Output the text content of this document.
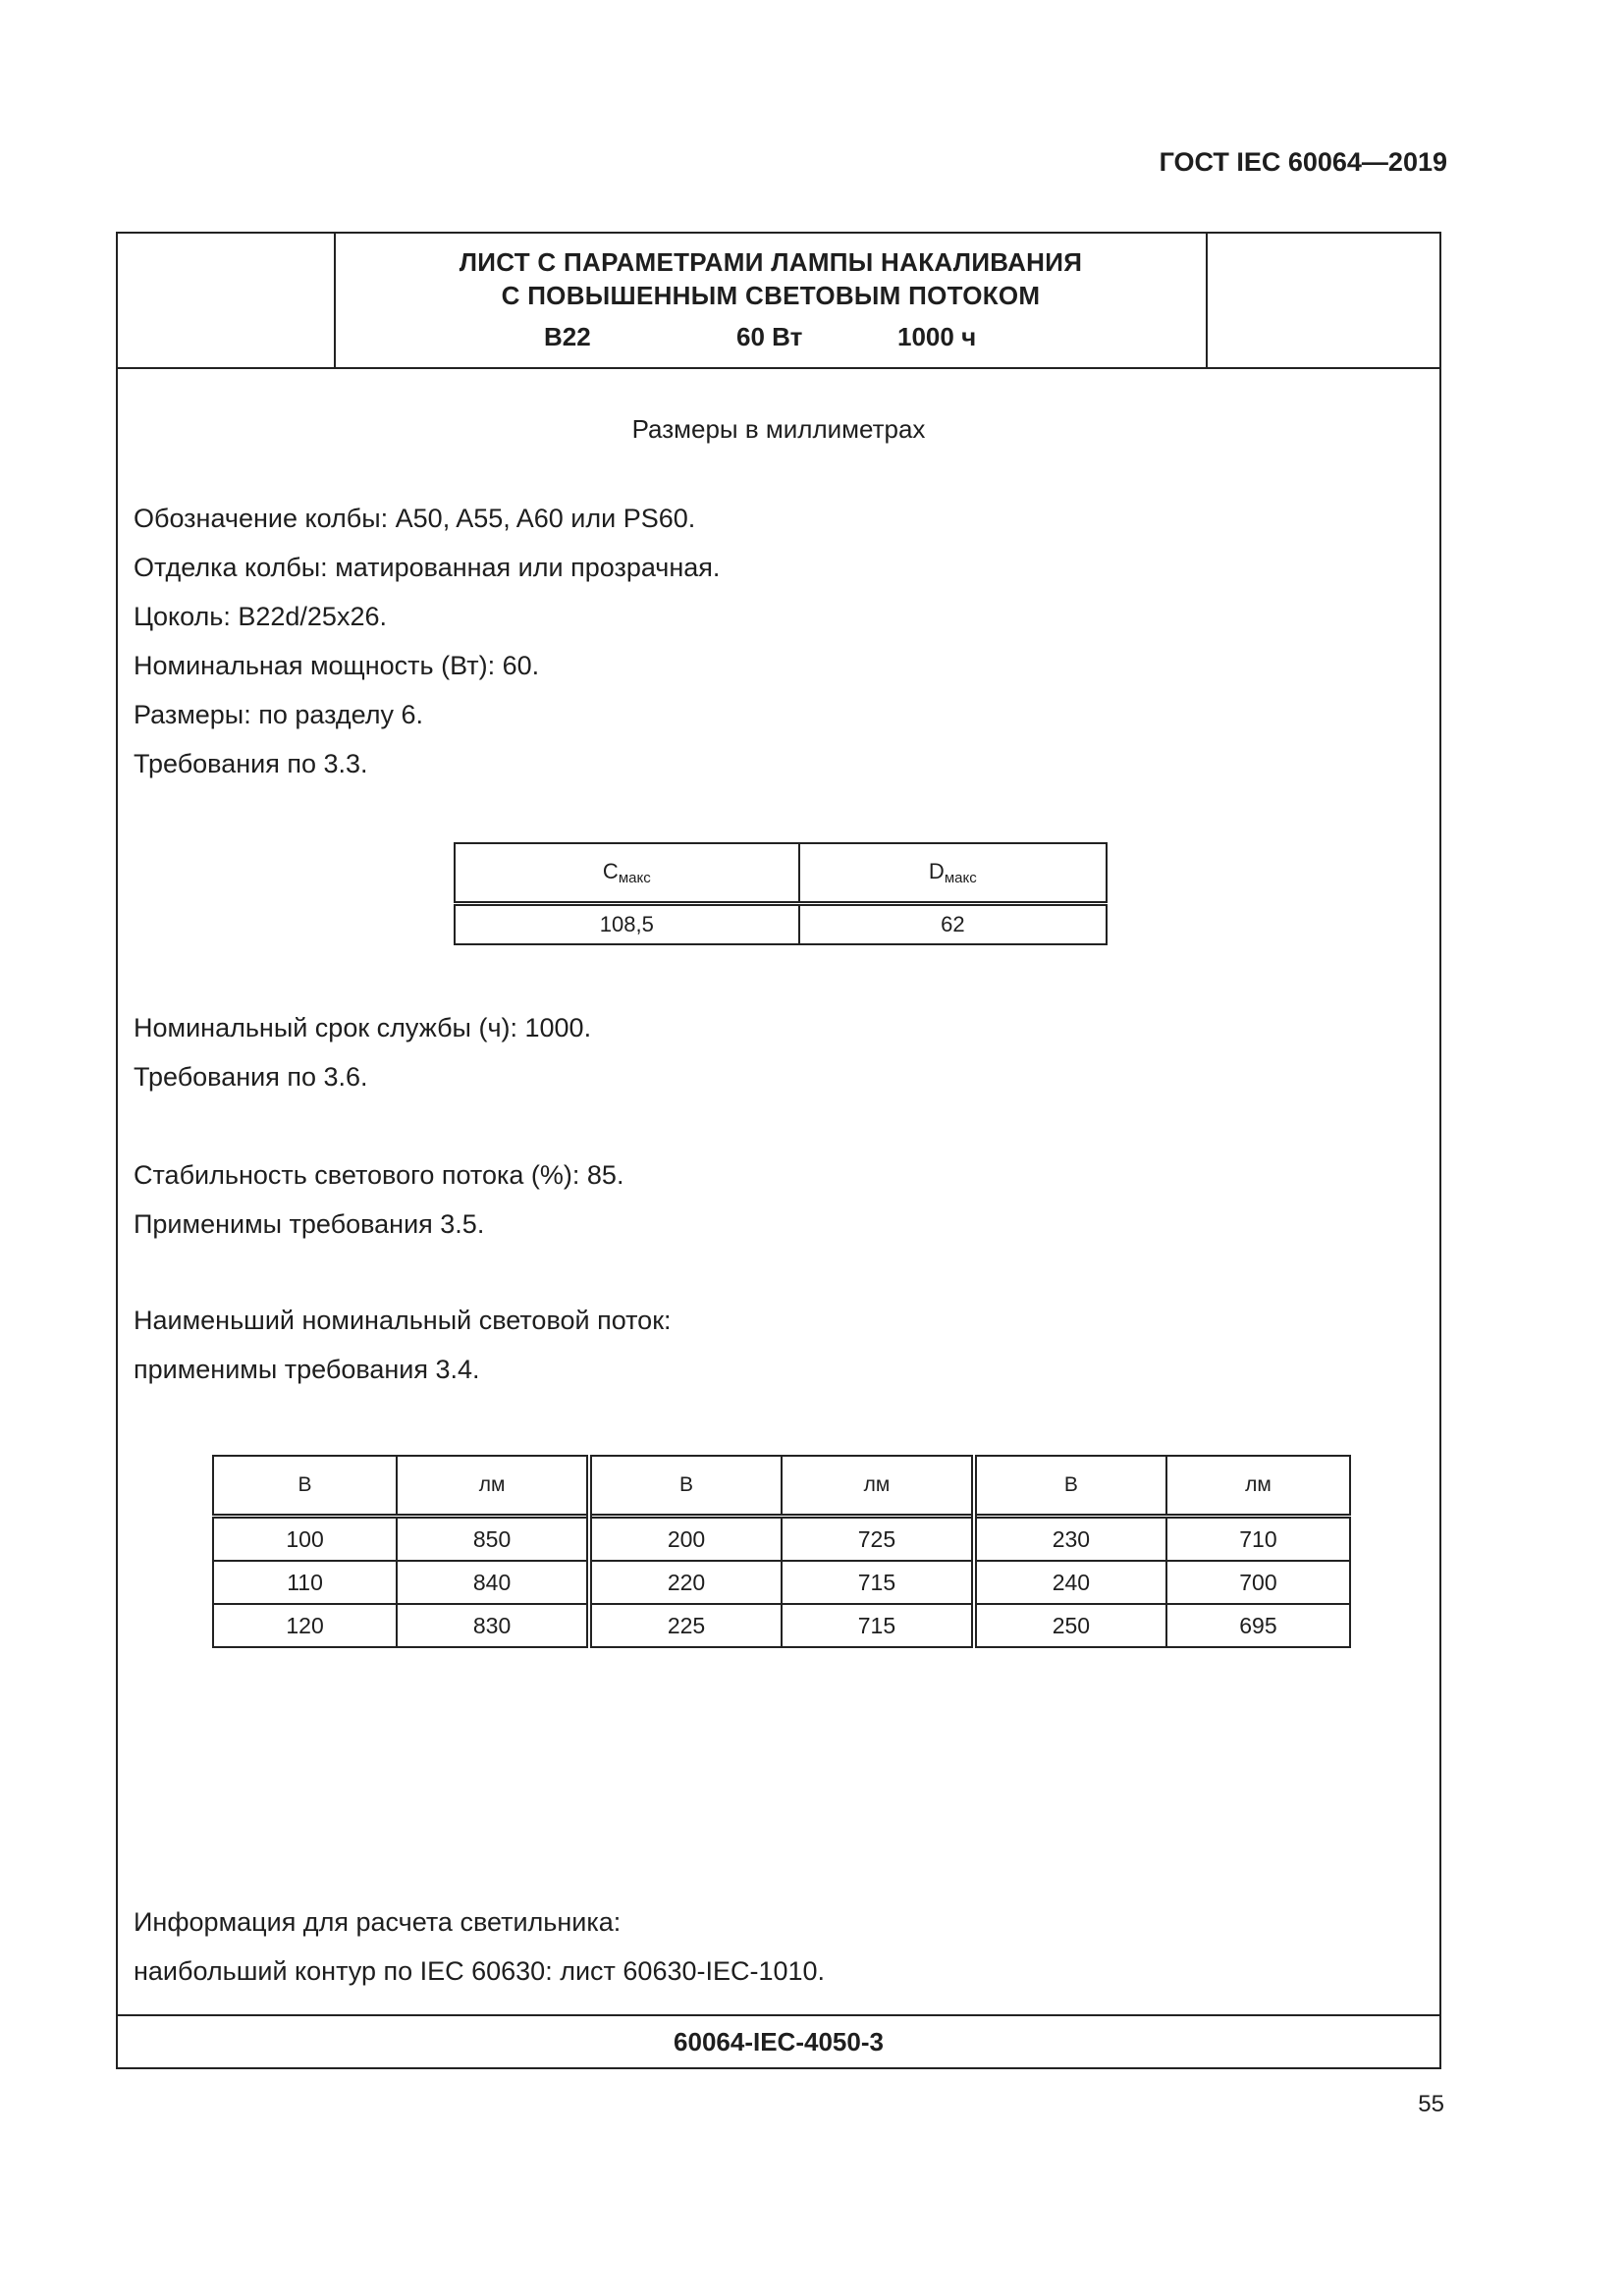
ГОСТ IEC 60064—2019
ЛИСТ С ПАРАМЕТРАМИ ЛАМПЫ НАКАЛИВАНИЯ
С ПОВЫШЕННЫМ СВЕТОВЫМ ПОТОКОМ
B22	60 Вт	1000 ч
Размеры в миллиметрах
Обозначение колбы: A50, A55, A60 или PS60.
Отделка колбы: матированная или прозрачная.
Цоколь: B22d/25x26.
Номинальная мощность (Вт): 60.
Размеры: по разделу 6.
Требования по 3.3.
$C_{макс}$	$D_{макс}$
108,5	62
Номинальный срок службы (ч): 1000.
Требования по 3.6.
Стабильность светового потока (%): 85.
Применимы требования 3.5.
Наименьший номинальный световой поток:
применимы требования 3.4.
В	лм	В	лм	В	лм
100	850	200	725	230	710
110	840	220	715	240	700
120	830	225	715	250	695
Информация для расчета светильника:
наибольший контур по IEC 60630: лист 60630-IEC-1010.
60064-IEC-4050-3
55
